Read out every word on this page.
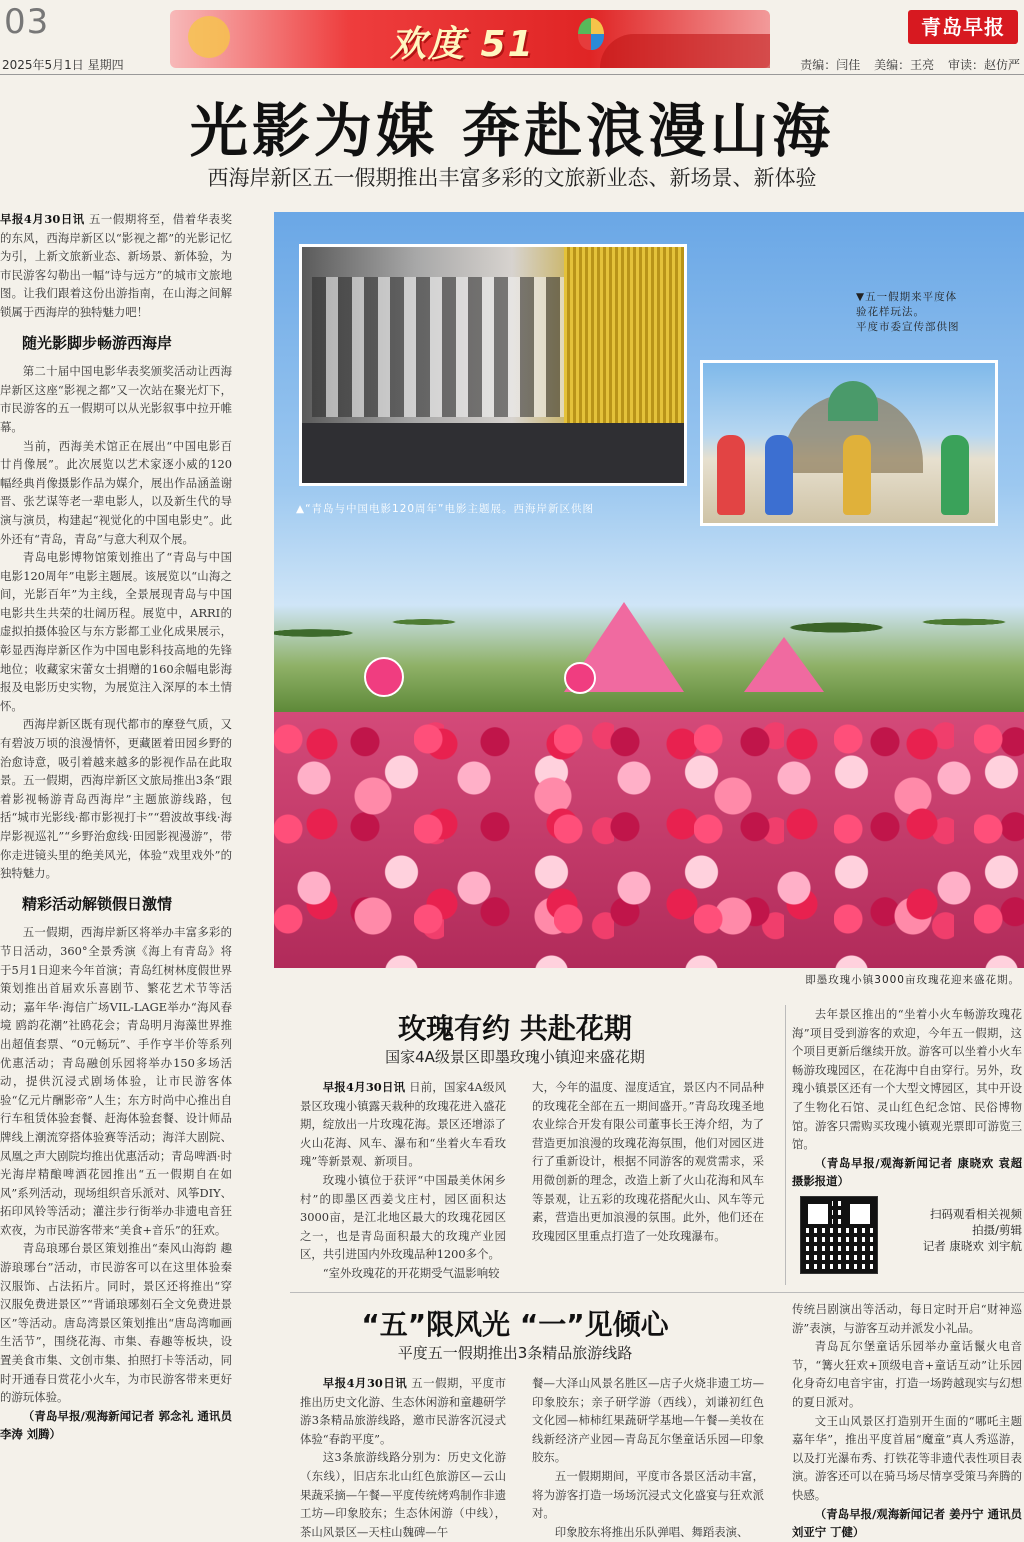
03
2025年5月1日 星期四	欢度 51	青岛早报
责编：闫佳 美编：王亮 审读：赵仿严
光影为媒 奔赴浪漫山海
西海岸新区五一假期推出丰富多彩的文旅新业态、新场景、新体验

早报4月30日讯 五一假期将至，借着华表奖的东风，西海岸新区以“影视之都”的光影记忆为引，上新文旅新业态、新场景、新体验，为市民游客勾勒出一幅“诗与远方”的城市文旅地图。让我们跟着这份出游指南，在山海之间解锁属于西海岸的独特魅力吧！

随光影脚步畅游西海岸

第二十届中国电影华表奖颁奖活动让西海岸新区这座“影视之都”又一次站在聚光灯下，市民游客的五一假期可以从光影叙事中拉开帷幕。

当前，西海美术馆正在展出“中国电影百廿肖像展”。此次展览以艺术家逐小威的120幅经典肖像摄影作品为媒介，展出作品涵盖谢晋、张艺谋等老一辈电影人，以及新生代的导演与演员，构建起“视觉化的中国电影史”。此外还有“青岛，青岛”与意大利双个展。

青岛电影博物馆策划推出了“青岛与中国电影120周年”电影主题展。该展览以“山海之间，光影百年”为主线，全景展现青岛与中国电影共生共荣的壮阔历程。展览中，ARRI的虚拟拍摄体验区与东方影都工业化成果展示，彰显西海岸新区作为中国电影科技高地的先锋地位；收藏家宋蕾女士捐赠的160余幅电影海报及电影历史实物，为展览注入深厚的本土情怀。

西海岸新区既有现代都市的摩登气质，又有碧波万顷的浪漫情怀，更藏匿着田园乡野的治愈诗意，吸引着越来越多的影视作品在此取景。五一假期，西海岸新区文旅局推出3条“跟着影视畅游青岛西海岸”主题旅游线路，包括“城市光影线·都市影视打卡”“碧波故事线·海岸影视巡礼”“乡野治愈线·田园影视漫游”，带你走进镜头里的绝美风光，体验“戏里戏外”的独特魅力。

精彩活动解锁假日激情

五一假期，西海岸新区将举办丰富多彩的节日活动，360°全景秀演《海上有青岛》将于5月1日迎来今年首演；青岛红树林度假世界策划推出首届欢乐喜剧节、繁花艺术节等活动；嘉年华·海信广场VIL-LAGE举办“海风春境 鸥韵花潮”社鸥花会；青岛明月海藻世界推出超值套票、“0元畅玩”、手作亨半价等系列优惠活动；青岛融创乐园将举办150多场活动，提供沉浸式剧场体验，让市民游客体验“亿元片酬影帝”人生；东方时尚中心推出自行车租赁体验套餐、赶海体验套餐、设计师品牌线上潮流穿搭体验赛等活动；海洋大剧院、凤凰之声大剧院均推出优惠活动；青岛啤酒·时光海岸精酿啤酒花园推出“五一假期自在如风”系列活动，现场组织音乐派对、风筝DIY、拓印风铃等活动；灌注步行街举办非遗电音狂欢夜，为市民游客带来“美食+音乐”的狂欢。

青岛琅琊台景区策划推出“秦风山海韵 趣游琅琊台”活动，市民游客可以在这里体验秦汉服饰、占法拓片。同时，景区还将推出“穿汉服免费进景区”“背诵琅琊刻石全文免费进景区”等活动。唐岛湾景区策划推出“唐岛湾咖画生活节”，围绕花海、市集、春趣等板块，设置美食市集、文创市集、拍照打卡等活动，同时开通春日赏花小火车，为市民游客带来更好的游玩体验。

（青岛早报/观海新闻记者 郭念礼 通讯员 李涛 刘腾）

▲“青岛与中国电影120周年”电影主题展。西海岸新区供图
▼五一假期来平度体
验花样玩法。
平度市委宣传部供图
即墨玫瑰小镇3000亩玫瑰花迎来盛花期。
玫瑰有约 共赴花期
国家4A级景区即墨玫瑰小镇迎来盛花期

早报4月30日讯 日前，国家4A级风景区玫瑰小镇露天栽种的玫瑰花进入盛花期，绽放出一片玫瑰花海。景区还增添了火山花海、风车、瀑布和“坐着火车看玫瑰”等新景观、新项目。

玫瑰小镇位于获评“中国最美休闲乡村”的即墨区西姜戈庄村，园区面积达3000亩，是江北地区最大的玫瑰花园区之一，也是青岛面积最大的玫瑰产业园区，共引进国内外玫瑰品种1200多个。

“室外玫瑰花的开花期受气温影响较

大，今年的温度、湿度适宜，景区内不同品种的玫瑰花全部在五一期间盛开。”青岛玫瑰圣地农业综合开发有限公司董事长王涛介绍，为了营造更加浪漫的玫瑰花海氛围，他们对园区进行了重新设计，根据不同游客的观赏需求，采用微创新的理念，改造上新了火山花海和风车等景观，让五彩的玫瑰花搭配火山、风车等元素，营造出更加浪漫的氛围。此外，他们还在玫瑰园区里重点打造了一处玫瑰瀑布。

去年景区推出的“坐着小火车畅游玫瑰花海”项目受到游客的欢迎，今年五一假期，这个项目更新后继续开放。游客可以坐着小火车畅游玫瑰园区，在花海中自由穿行。另外，玫瑰小镇景区还有一个大型文博园区，其中开设了生物化石馆、灵山红色纪念馆、民俗博物馆。游客只需购买玫瑰小镇观光票即可游览三馆。

（青岛早报/观海新闻记者 康晓欢 袁超 摄影报道）

扫码观看相关视频
拍摄/剪辑
记者 康晓欢 刘宇航
“五”限风光 “一”见倾心
平度五一假期推出3条精品旅游线路

早报4月30日讯 五一假期，平度市推出历史文化游、生态休闲游和童趣研学游3条精品旅游线路，邀市民游客沉浸式体验“春韵平度”。

这3条旅游线路分别为：历史文化游（东线），旧店东北山红色旅游区—云山果蔬采摘—午餐—平度传统烤鸡制作非遗工坊—印象胶东；生态休闲游（中线），茶山风景区—天柱山魏碑—午

餐—大泽山风景名胜区—店子火烧非遗工坊—印象胶东；亲子研学游（西线），刘谦初红色文化园—柿柿红果蔬研学基地—午餐—美妆在线新经济产业园—青岛瓦尔堡童话乐园—印象胶东。

五一假期期间，平度市各景区活动丰富，将为游客打造一场场沉浸式文化盛宴与狂欢派对。

印象胶东将推出乐队弹唱、舞蹈表演、

传统吕剧演出等活动，每日定时开启“财神巡游”表演，与游客互动并派发小礼品。

青岛瓦尔堡童话乐园举办童话鬣火电音节，“篝火狂欢+顶级电音+童话互动”让乐园化身奇幻电音宇宙，打造一场跨越现实与幻想的夏日派对。

文王山风景区打造别开生面的“哪吒主题嘉年华”，推出平度首届“魔童”真人秀巡游，以及打光瀑布秀、打铁花等非遗代表性项目表演。游客还可以在骑马场尽情享受策马奔腾的快感。

（青岛早报/观海新闻记者 姜丹宁 通讯员 刘亚宁 丁健）
